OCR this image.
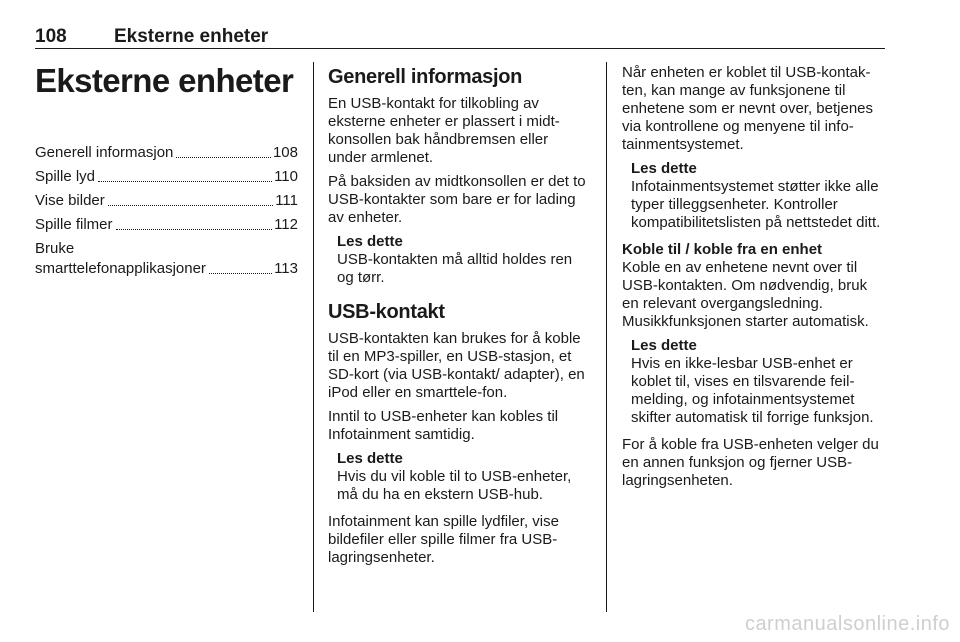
108 Eksterne enheter
Eksterne enheter
Generell informasjon	108
Spille lyd	110
Vise bilder	111
Spille filmer	112
Bruke
smarttelefonapplikasjoner	113
Generell informasjon

En USB-kontakt for tilkobling av eksterne enheter er plassert i midt-konsollen bak håndbremsen eller under armlenet.

På baksiden av midtkonsollen er det to USB-kontakter som bare er for lading av enheter.

Les dette
USB-kontakten må alltid holdes ren og tørr.
USB-kontakt

USB-kontakten kan brukes for å koble til en MP3-spiller, en USB-stasjon, et SD-kort (via USB-kontakt/ adapter), en iPod eller en smarttele-fon.

Inntil to USB-enheter kan kobles til Infotainment samtidig.

Les dette
Hvis du vil koble til to USB-enheter, må du ha en ekstern USB-hub.

Infotainment kan spille lydfiler, vise bildefiler eller spille filmer fra USB-lagringsenheter.

Når enheten er koblet til USB-kontak-ten, kan mange av funksjonene til enhetene som er nevnt over, betjenes via kontrollene og menyene til info-tainmentsystemet.

Les dette
Infotainmentsystemet støtter ikke alle typer tilleggsenheter. Kontroller kompatibilitetslisten på nettstedet ditt.

Koble til / koble fra en enhet

Koble en av enhetene nevnt over til USB-kontakten. Om nødvendig, bruk en relevant overgangsledning.

Musikkfunksjonen starter automatisk.

Les dette
Hvis en ikke-lesbar USB-enhet er koblet til, vises en tilsvarende feil-melding, og infotainmentsystemet skifter automatisk til forrige funksjon.

For å koble fra USB-enheten velger du en annen funksjon og fjerner USB-lagringsenheten.

carmanualsonline.info
